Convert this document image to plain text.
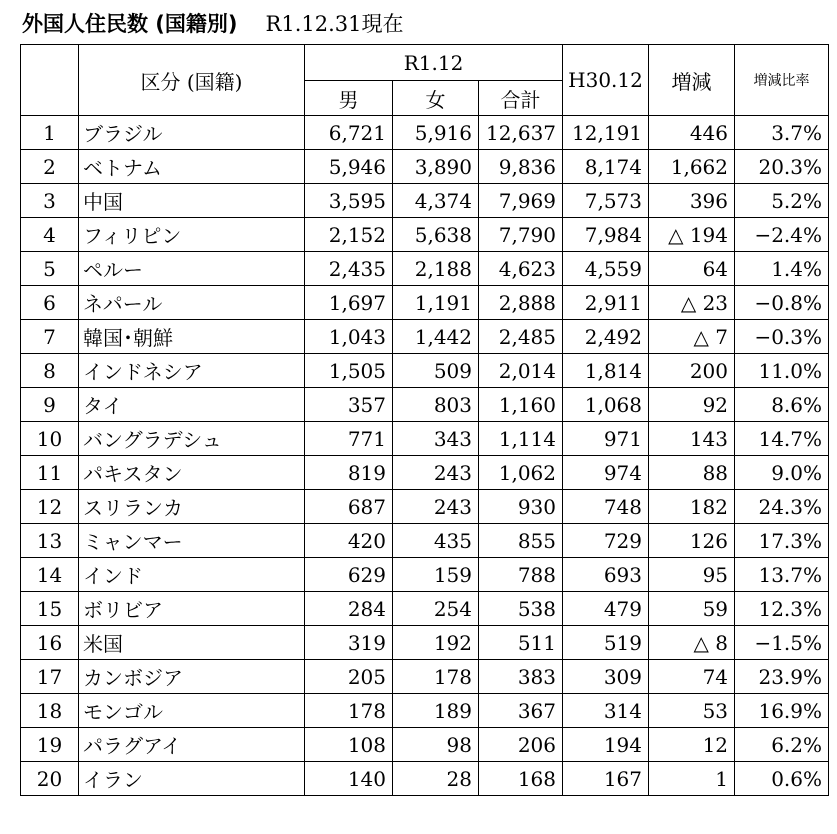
外国人住民数 (国籍別) R1.12.31現在
	区分 (国籍)	R1.12			H30.12	増減	増減比率
		男	女	合計			
1	ブラジル	6,721	5,916	12,637	12,191	446	3.7%
2	ベトナム	5,946	3,890	9,836	8,174	1,662	20.3%
3	中国	3,595	4,374	7,969	7,573	396	5.2%
4	フィリピン	2,152	5,638	7,790	7,984	△ 194	−2.4%
5	ペルー	2,435	2,188	4,623	4,559	64	1.4%
6	ネパール	1,697	1,191	2,888	2,911	△ 23	−0.8%
7	韓国･朝鮮	1,043	1,442	2,485	2,492	△ 7	−0.3%
8	インドネシア	1,505	509	2,014	1,814	200	11.0%
9	タイ	357	803	1,160	1,068	92	8.6%
10	バングラデシュ	771	343	1,114	971	143	14.7%
11	パキスタン	819	243	1,062	974	88	9.0%
12	スリランカ	687	243	930	748	182	24.3%
13	ミャンマー	420	435	855	729	126	17.3%
14	インド	629	159	788	693	95	13.7%
15	ボリビア	284	254	538	479	59	12.3%
16	米国	319	192	511	519	△ 8	−1.5%
17	カンボジア	205	178	383	309	74	23.9%
18	モンゴル	178	189	367	314	53	16.9%
19	パラグアイ	108	98	206	194	12	6.2%
20	イラン	140	28	168	167	1	0.6%
